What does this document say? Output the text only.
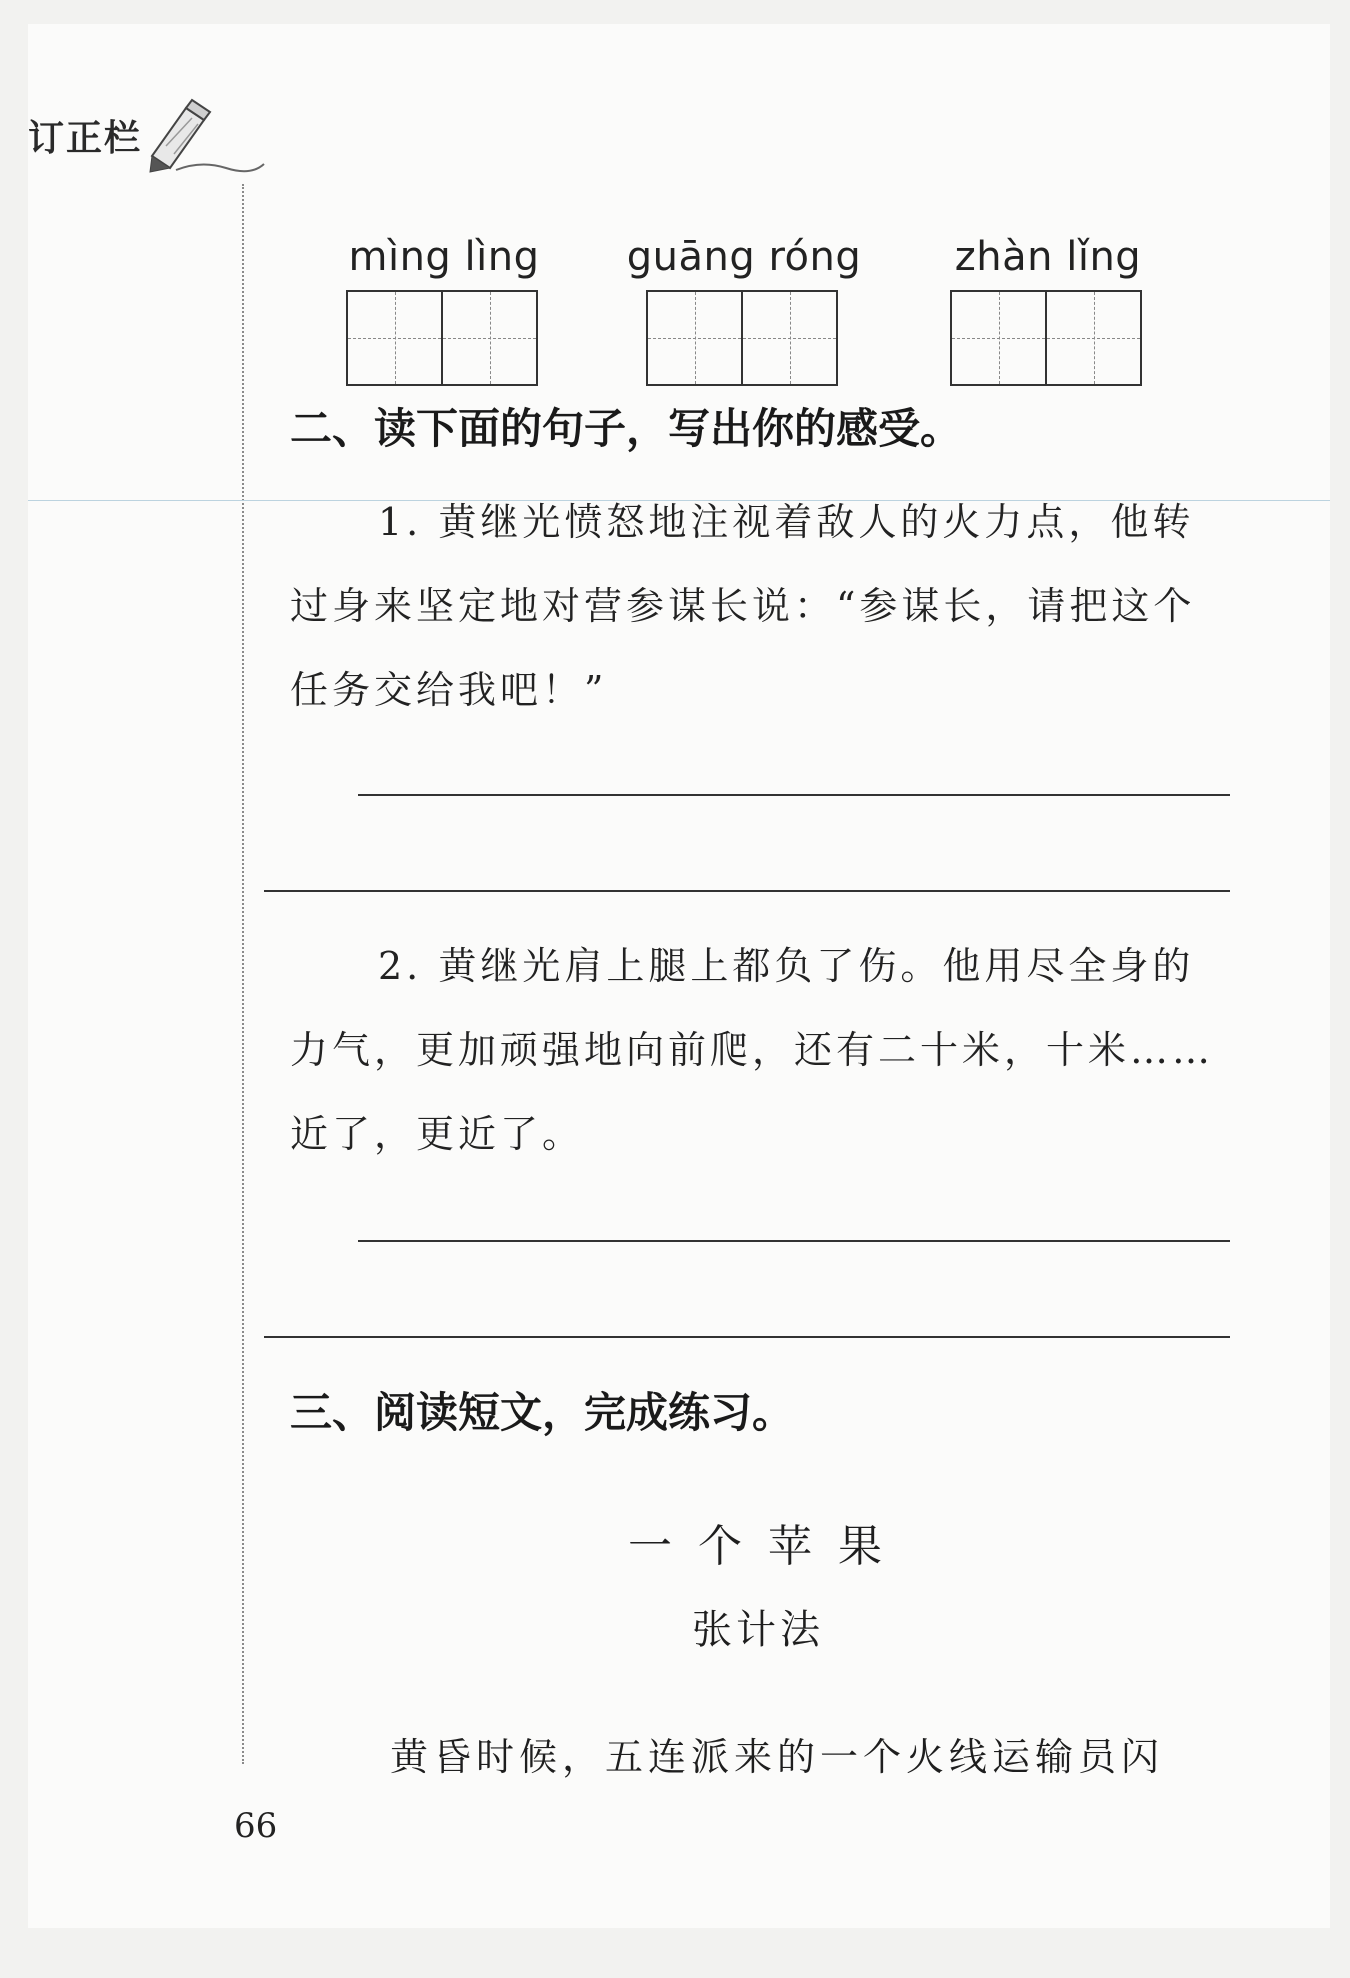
订正栏
mìng lìng	guāng róng	zhàn lǐng
二、读下面的句子，写出你的感受。
1. 黄继光愤怒地注视着敌人的火力点，他转过身来坚定地对营参谋长说：“参谋长，请把这个任务交给我吧！”
2. 黄继光肩上腿上都负了伤。他用尽全身的力气，更加顽强地向前爬，还有二十米，十米……近了，更近了。
三、阅读短文，完成练习。
一个苹果
张计法
黄昏时候，五连派来的一个火线运输员闪
66
